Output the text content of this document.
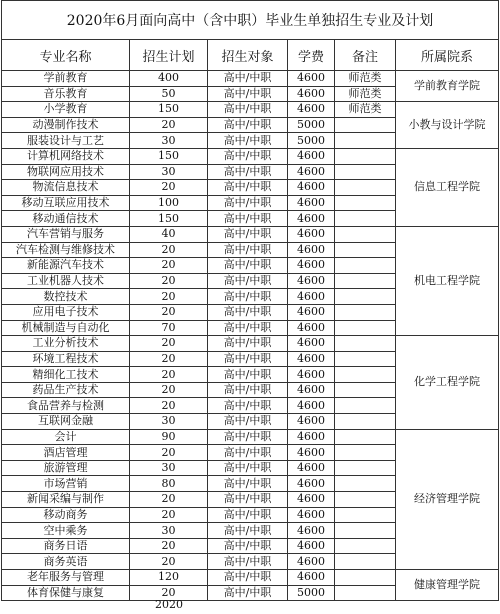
2020年6月面向高中（含中职）毕业生单独招生专业及计划					
专业名称	招生计划	招生对象	学费	备注	所属院系
学前教育	400	高中/中职	4600	师范类	学前教育学院
音乐教育	50	高中/中职	4600	师范类	
小学教育	150	高中/中职	4600	师范类	小教与设计学院
动漫制作技术	20	高中/中职	5000		
服装设计与工艺	30	高中/中职	5000		
计算机网络技术	150	高中/中职	4600		信息工程学院
物联网应用技术	30	高中/中职	4600		
物流信息技术	20	高中/中职	4600		
移动互联应用技术	100	高中/中职	4600		
移动通信技术	150	高中/中职	4600		
汽车营销与服务	40	高中/中职	4600		机电工程学院
汽车检测与维修技术	20	高中/中职	4600		
新能源汽车技术	20	高中/中职	4600		
工业机器人技术	20	高中/中职	4600		
数控技术	20	高中/中职	4600		
应用电子技术	20	高中/中职	4600		
机械制造与自动化	70	高中/中职	4600		
工业分析技术	20	高中/中职	4600		化学工程学院
环境工程技术	20	高中/中职	4600		
精细化工技术	20	高中/中职	4600		
药品生产技术	20	高中/中职	4600		
食品营养与检测	20	高中/中职	4600		
互联网金融	30	高中/中职	4600		
会计	90	高中/中职	4600		经济管理学院
酒店管理	20	高中/中职	4600		
旅游管理	30	高中/中职	4600		
市场营销	80	高中/中职	4600		
新闻采编与制作	20	高中/中职	4600		
移动商务	20	高中/中职	4600		
空中乘务	30	高中/中职	4600		
商务日语	20	高中/中职	4600		
商务英语	20	高中/中职	4600		
老年服务与管理	120	高中/中职	4600		健康管理学院
体育保健与康复	20	高中/中职	5000		
2020
